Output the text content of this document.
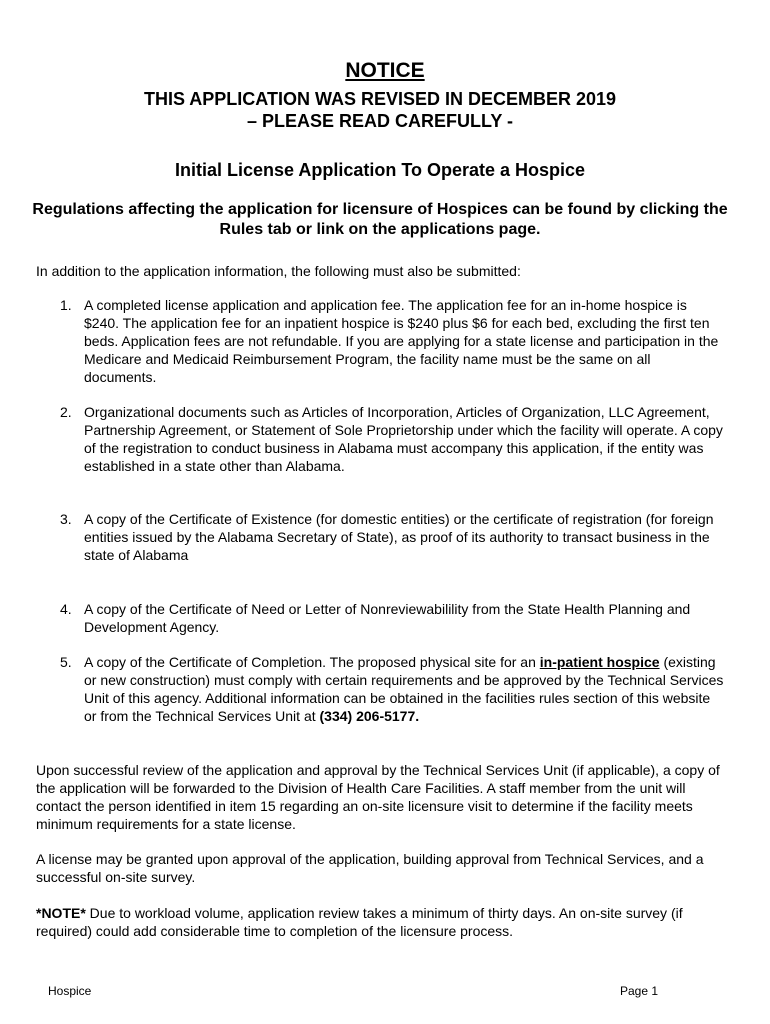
NOTICE
THIS APPLICATION WAS REVISED IN DECEMBER 2019
– PLEASE READ CAREFULLY -
Initial License Application To Operate a Hospice
Regulations affecting the application for licensure of Hospices can be found by clicking the Rules tab or link on the applications page.
In addition to the application information, the following must also be submitted:
1. A completed license application and application fee. The application fee for an in-home hospice is $240. The application fee for an inpatient hospice is $240 plus $6 for each bed, excluding the first ten beds. Application fees are not refundable. If you are applying for a state license and participation in the Medicare and Medicaid Reimbursement Program, the facility name must be the same on all documents.
2. Organizational documents such as Articles of Incorporation, Articles of Organization, LLC Agreement, Partnership Agreement, or Statement of Sole Proprietorship under which the facility will operate. A copy of the registration to conduct business in Alabama must accompany this application, if the entity was established in a state other than Alabama.
3. A copy of the Certificate of Existence (for domestic entities) or the certificate of registration (for foreign entities issued by the Alabama Secretary of State), as proof of its authority to transact business in the state of Alabama
4. A copy of the Certificate of Need or Letter of Nonreviewabilility from the State Health Planning and Development Agency.
5. A copy of the Certificate of Completion. The proposed physical site for an in-patient hospice (existing or new construction) must comply with certain requirements and be approved by the Technical Services Unit of this agency. Additional information can be obtained in the facilities rules section of this website or from the Technical Services Unit at (334) 206-5177.
Upon successful review of the application and approval by the Technical Services Unit (if applicable), a copy of the application will be forwarded to the Division of Health Care Facilities. A staff member from the unit will contact the person identified in item 15 regarding an on-site licensure visit to determine if the facility meets minimum requirements for a state license.
A license may be granted upon approval of the application, building approval from Technical Services, and a successful on-site survey.
*NOTE* Due to workload volume, application review takes a minimum of thirty days. An on-site survey (if required) could add considerable time to completion of the licensure process.
Hospice	Page 1
